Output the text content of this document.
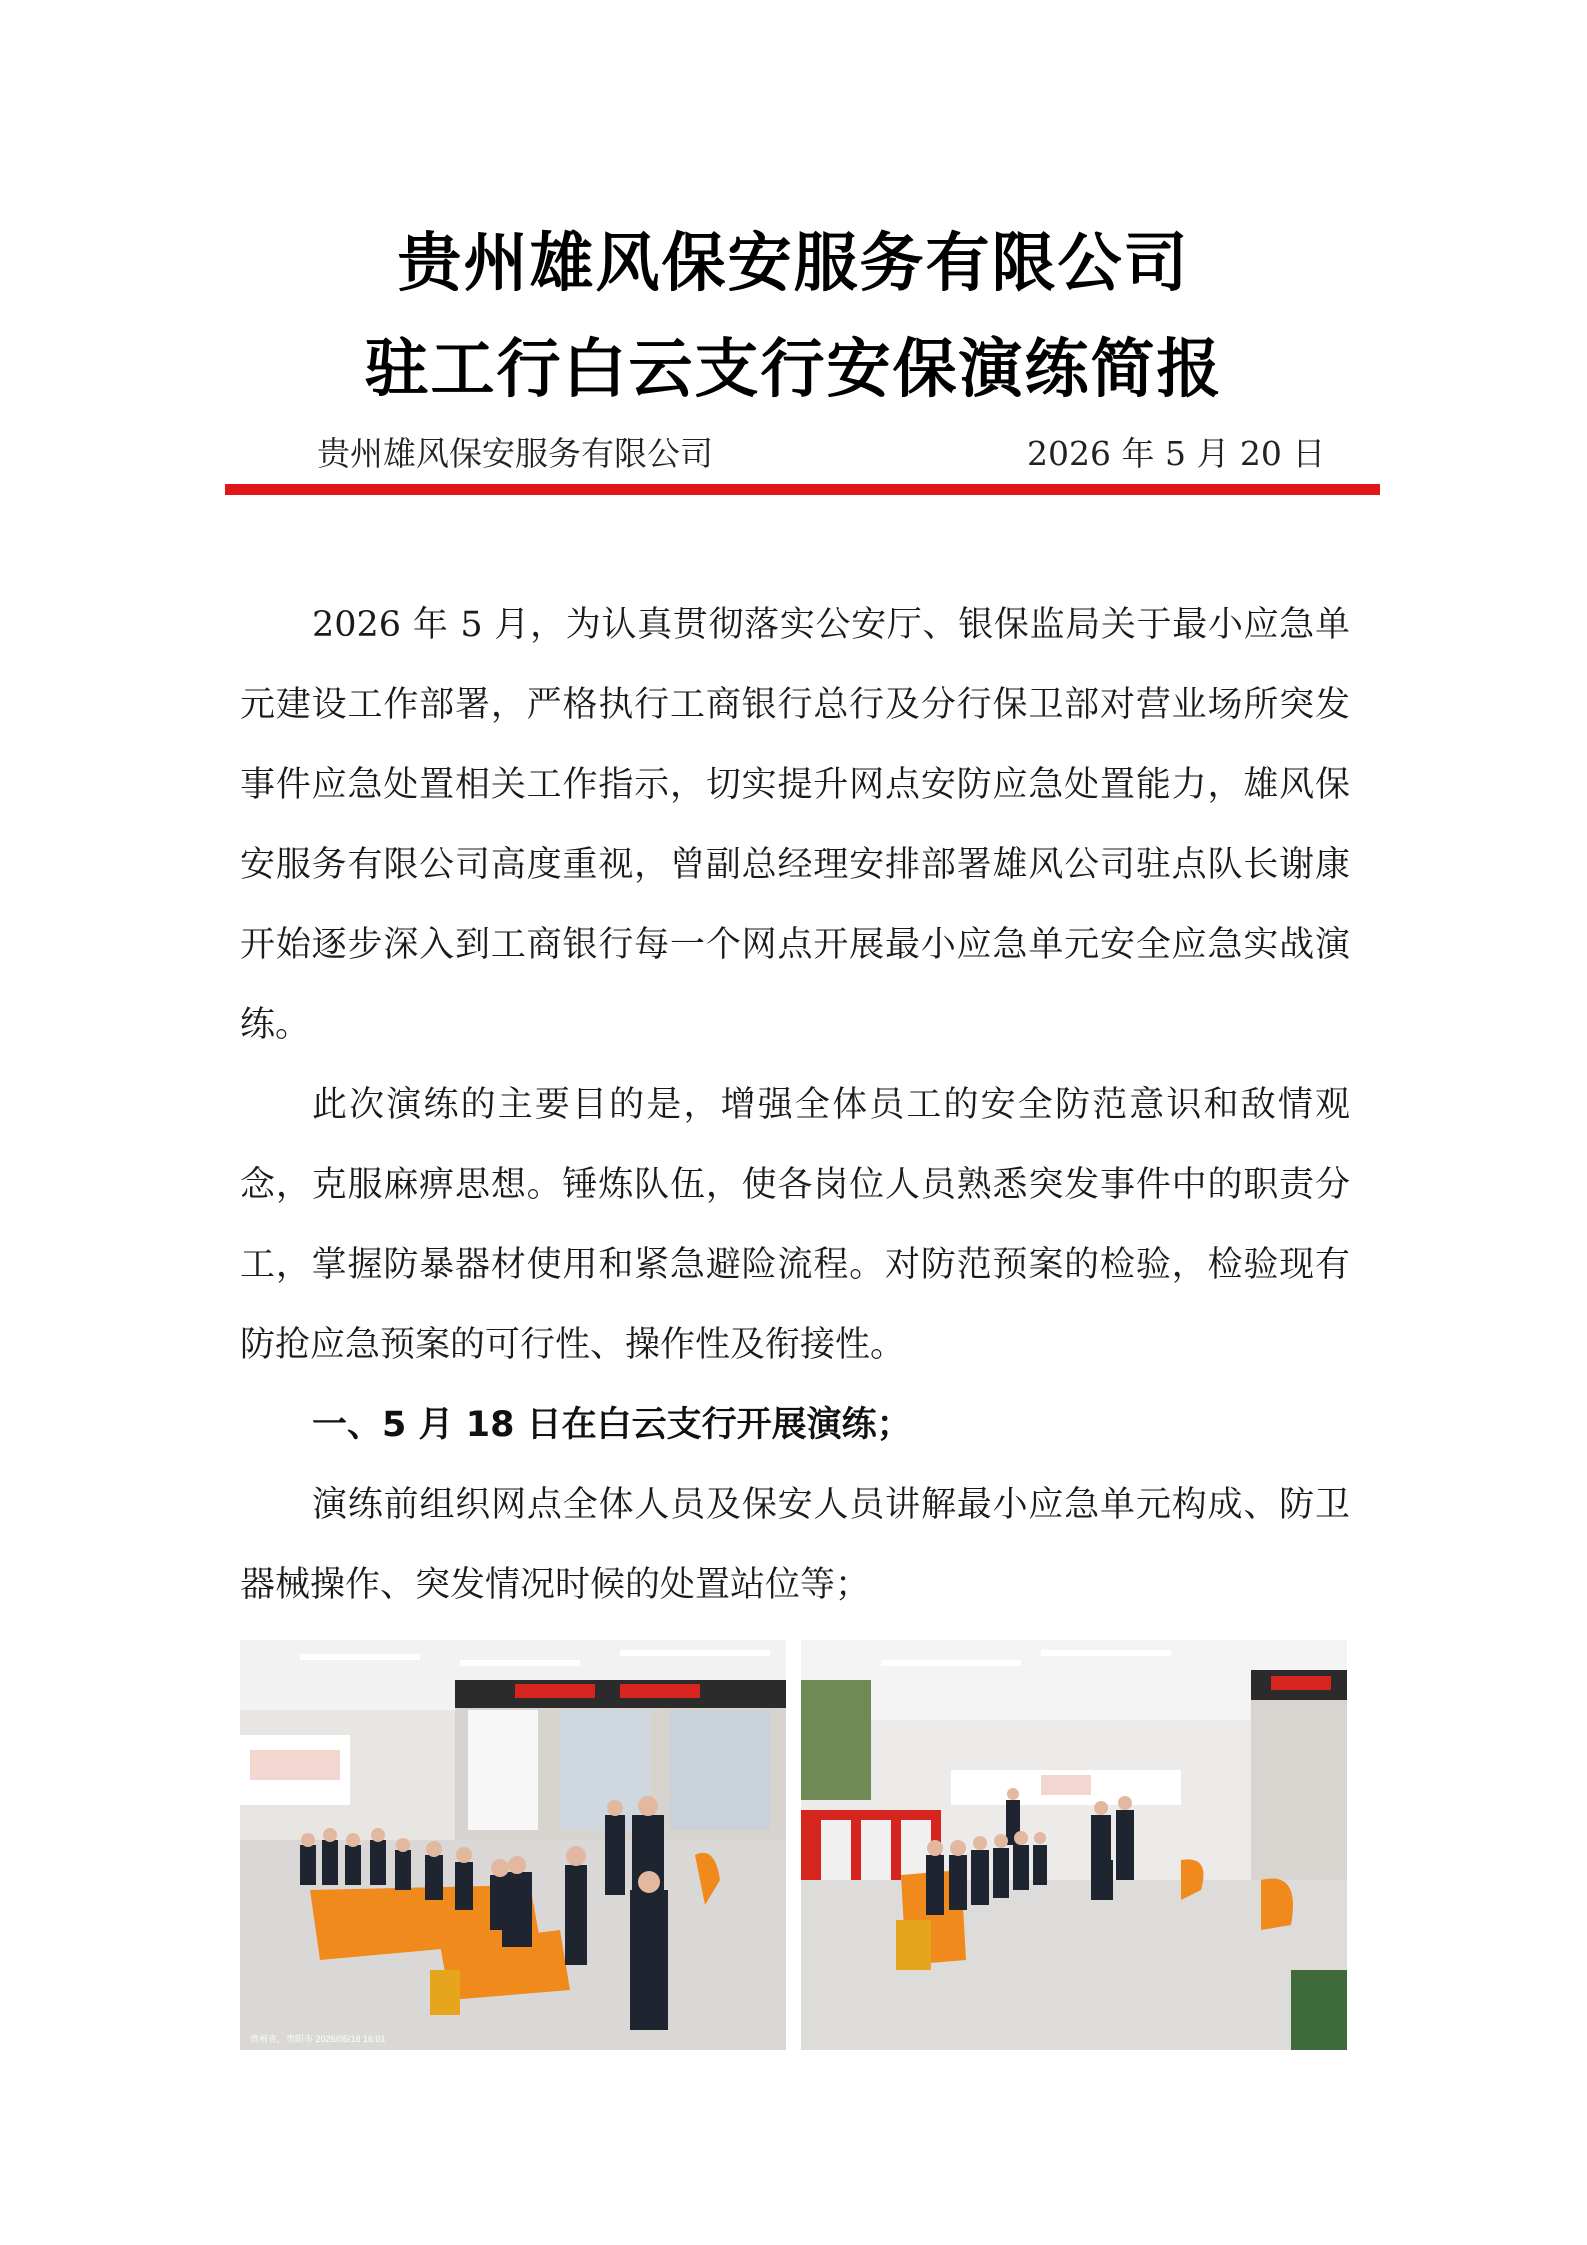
贵州雄风保安服务有限公司
驻工行白云支行安保演练简报
贵州雄风保安服务有限公司	2026 年 5 月 20 日
2026 年 5 月，为认真贯彻落实公安厅、银保监局关于最小应急单元建设工作部署，严格执行工商银行总行及分行保卫部对营业场所突发事件应急处置相关工作指示，切实提升网点安防应急处置能力，雄风保安服务有限公司高度重视，曾副总经理安排部署雄风公司驻点队长谢康开始逐步深入到工商银行每一个网点开展最小应急单元安全应急实战演练。
此次演练的主要目的是，增强全体员工的安全防范意识和敌情观念，克服麻痹思想。锤炼队伍，使各岗位人员熟悉突发事件中的职责分工，掌握防暴器材使用和紧急避险流程。对防范预案的检验，检验现有防抢应急预案的可行性、操作性及衔接性。
一、5 月 18 日在白云支行开展演练；
演练前组织网点全体人员及保安人员讲解最小应急单元构成、防卫器械操作、突发情况时候的处置站位等；
贵州省，贵阳市 2026/05/18 16:01
